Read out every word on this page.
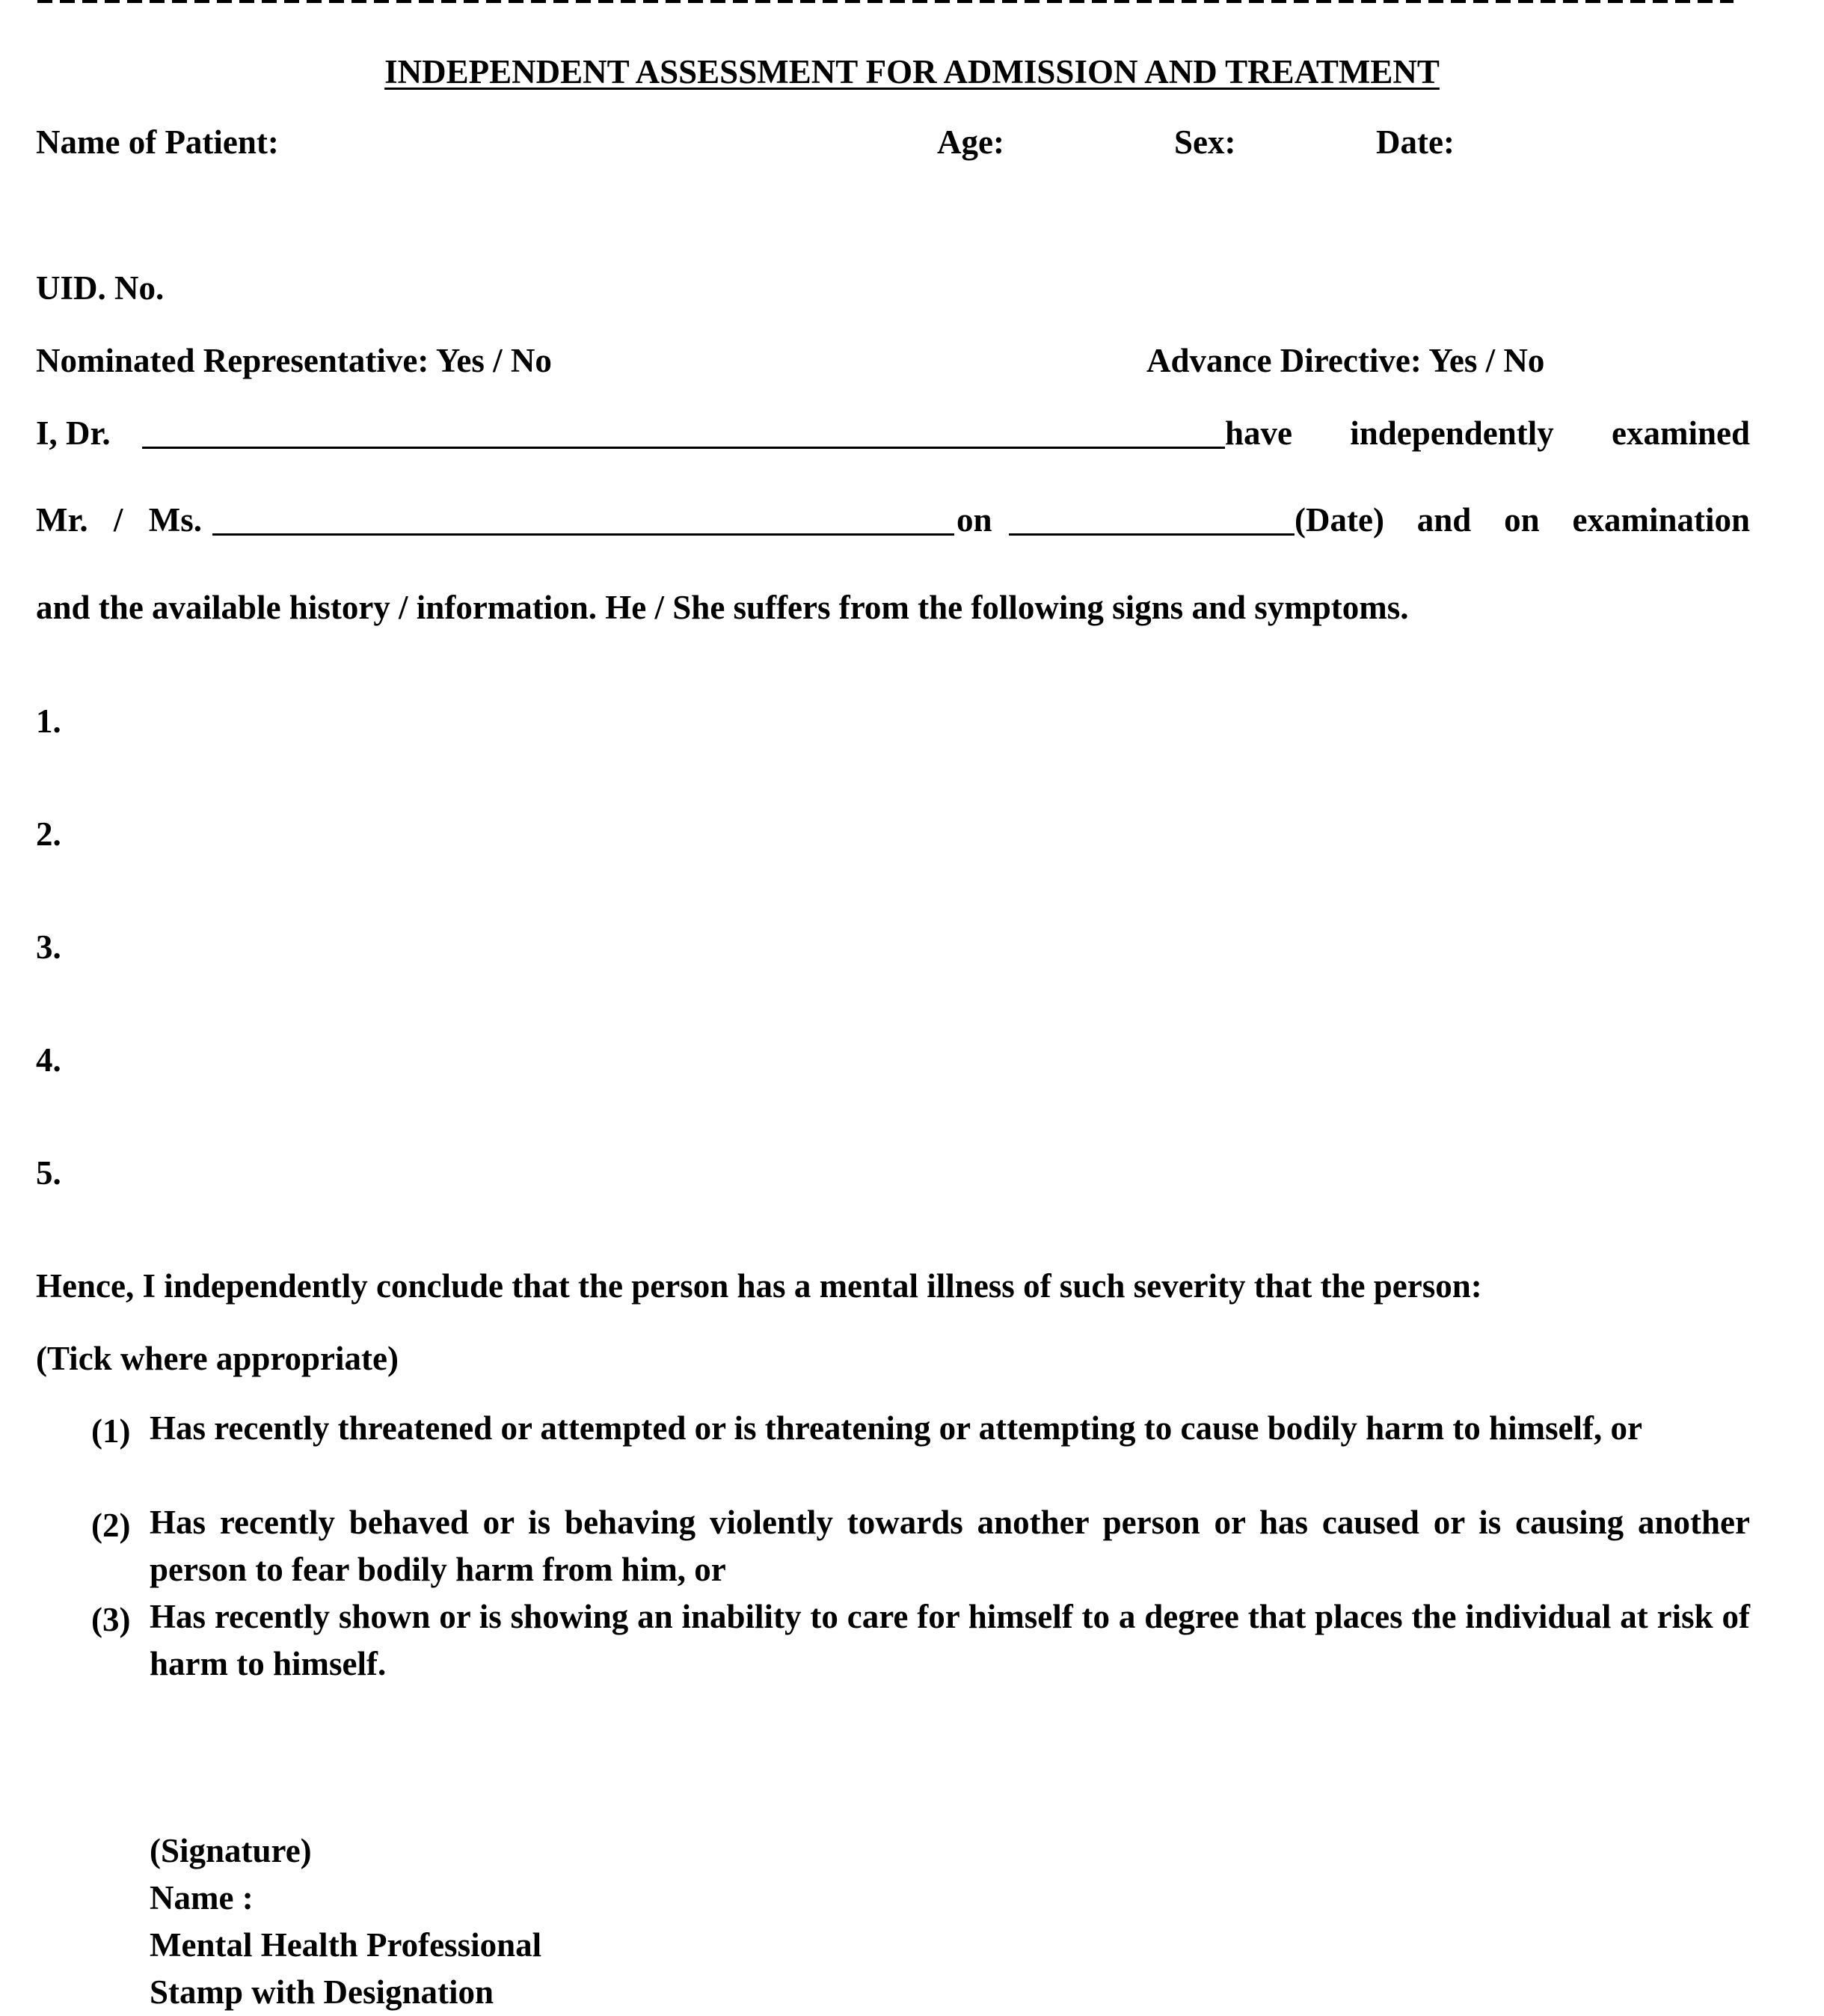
INDEPENDENT ASSESSMENT FOR ADMISSION AND TREATMENT
Name of Patient:	Age:	Sex:	Date:
UID. No.
Nominated Representative: Yes / No	Advance Directive: Yes / No
I, Dr.	have independently examined
Mr. / Ms.	on	(Date) and on examination
and the available history / information. He / She suffers from the following signs and symptoms.
1.
2.
3.
4.
5.
Hence, I independently conclude that the person has a mental illness of such severity that the person:
(Tick where appropriate)
(1) Has recently threatened or attempted or is threatening or attempting to cause bodily harm to himself, or
(2) Has recently behaved or is behaving violently towards another person or has caused or is causing another person to fear bodily harm from him, or
(3) Has recently shown or is showing an inability to care for himself to a degree that places the individual at risk of harm to himself.
(Signature)
Name :
Mental Health Professional
Stamp with Designation
